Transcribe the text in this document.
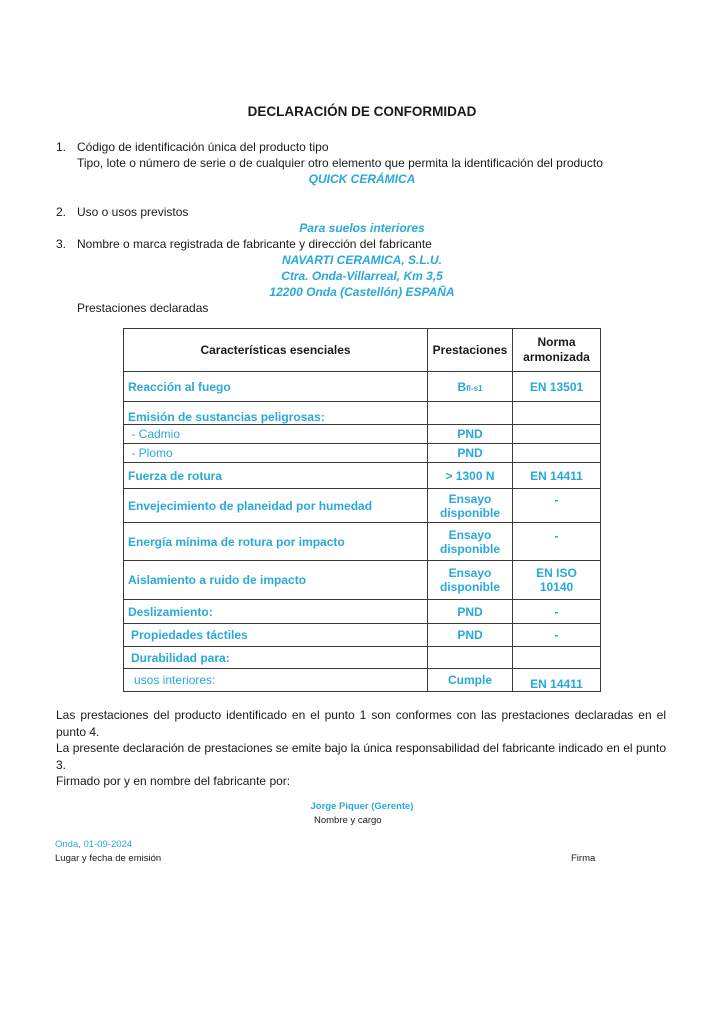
DECLARACIÓN DE CONFORMIDAD
1. Código de identificación única del producto tipo
Tipo, lote o número de serie o de cualquier otro elemento que permita la identificación del producto
QUICK CERÁMICA
2. Uso o usos previstos
Para suelos interiores
3. Nombre o marca registrada de fabricante y dirección del fabricante
NAVARTI CERAMICA, S.L.U.
Ctra. Onda-Villarreal, Km 3,5
12200 Onda (Castellón) ESPAÑA
Prestaciones declaradas
Características esenciales	Prestaciones	Norma armonizada
Reacción al fuego	Bfl-s1	EN 13501
Emisión de sustancias peligrosas:		
- Cadmio	PND	
- Plomo	PND	
Fuerza de rotura	> 1300 N	EN 14411
Envejecimiento de planeidad por humedad	Ensayo disponible	-
Energía mínima de rotura por impacto	Ensayo disponible	-
Aislamiento a ruido de impacto	Ensayo disponible	EN ISO 10140
Deslizamiento:	PND	-
Propiedades táctiles	PND	-
Durabilidad para:		
usos interiores:	Cumple	EN 14411
Las prestaciones del producto identificado en el punto 1 son conformes con las prestaciones declaradas en el punto 4.
La presente declaración de prestaciones se emite bajo la única responsabilidad del fabricante indicado en el punto 3.
Firmado por y en nombre del fabricante por:
Jorge Piquer (Gerente)
Nombre y cargo
Onda, 01-09-2024
Lugar y fecha de emisión	Firma
